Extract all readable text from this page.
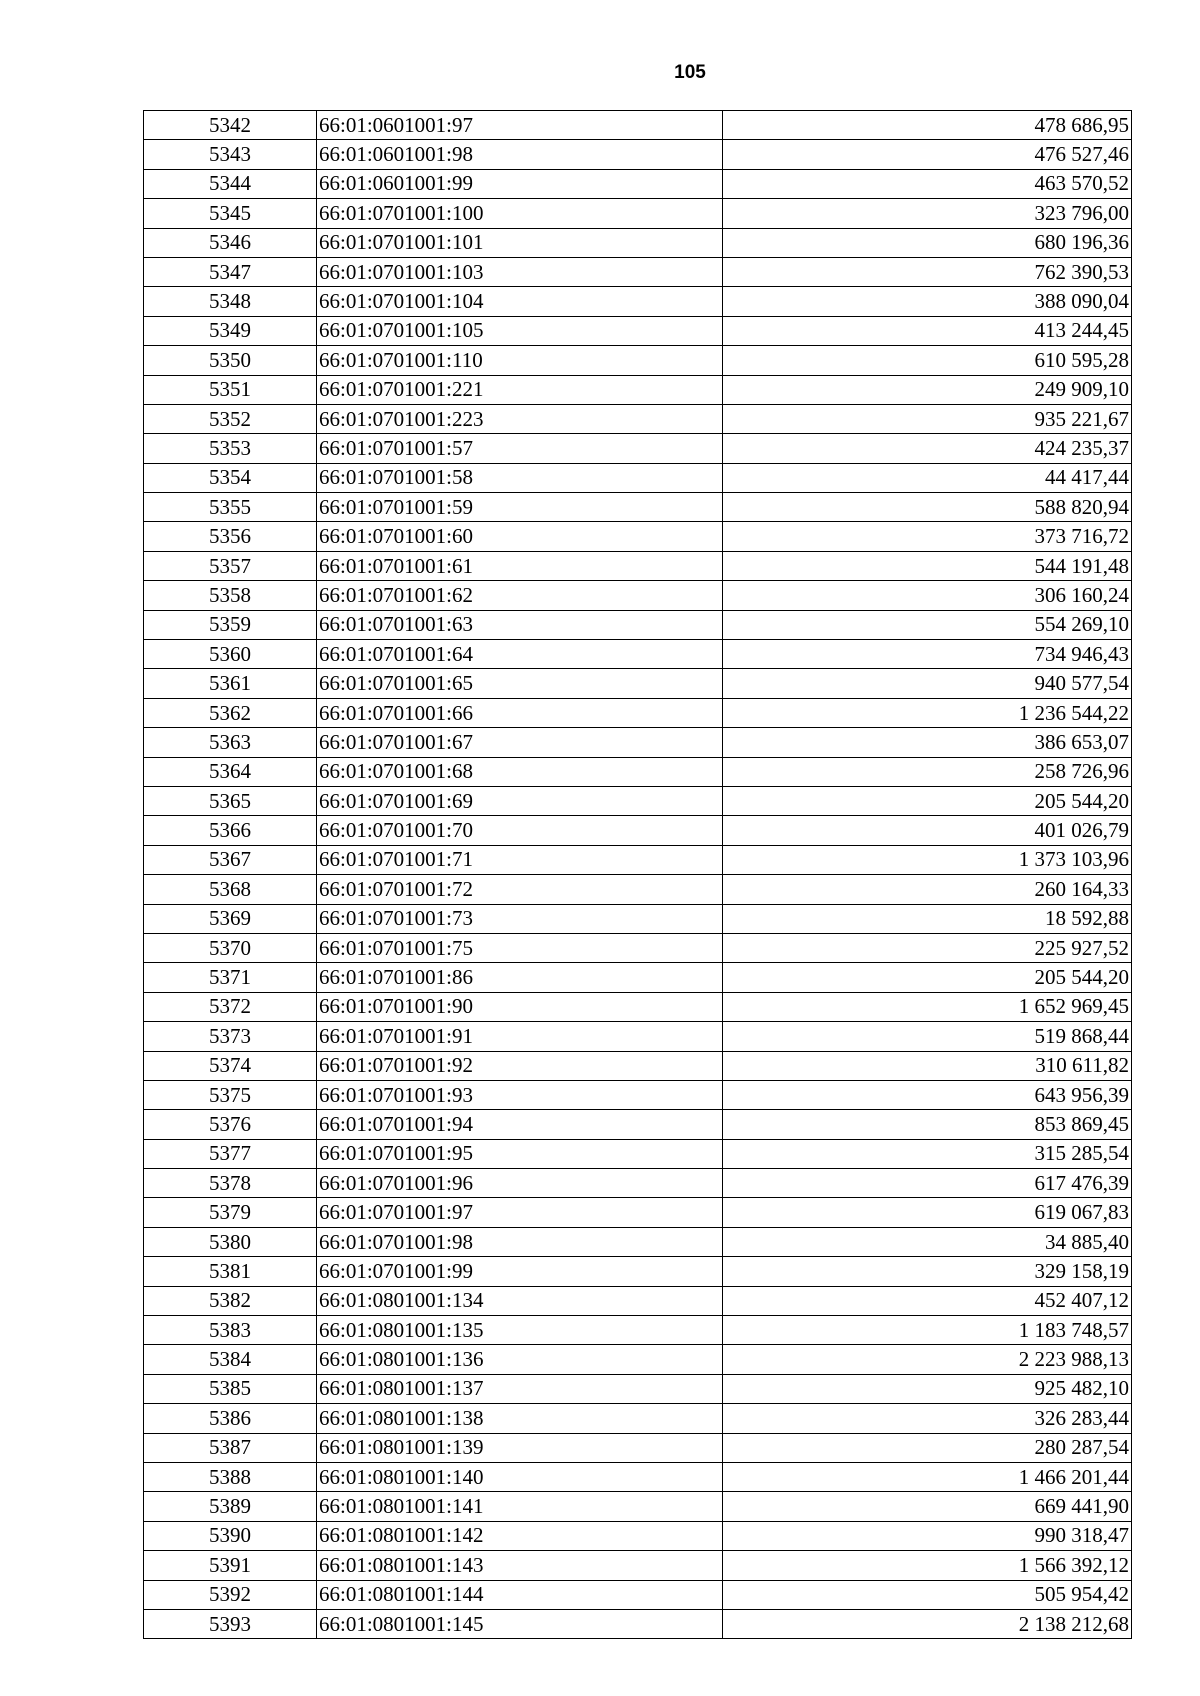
105
5342	66:01:0601001:97	478 686,95
5343	66:01:0601001:98	476 527,46
5344	66:01:0601001:99	463 570,52
5345	66:01:0701001:100	323 796,00
5346	66:01:0701001:101	680 196,36
5347	66:01:0701001:103	762 390,53
5348	66:01:0701001:104	388 090,04
5349	66:01:0701001:105	413 244,45
5350	66:01:0701001:110	610 595,28
5351	66:01:0701001:221	249 909,10
5352	66:01:0701001:223	935 221,67
5353	66:01:0701001:57	424 235,37
5354	66:01:0701001:58	44 417,44
5355	66:01:0701001:59	588 820,94
5356	66:01:0701001:60	373 716,72
5357	66:01:0701001:61	544 191,48
5358	66:01:0701001:62	306 160,24
5359	66:01:0701001:63	554 269,10
5360	66:01:0701001:64	734 946,43
5361	66:01:0701001:65	940 577,54
5362	66:01:0701001:66	1 236 544,22
5363	66:01:0701001:67	386 653,07
5364	66:01:0701001:68	258 726,96
5365	66:01:0701001:69	205 544,20
5366	66:01:0701001:70	401 026,79
5367	66:01:0701001:71	1 373 103,96
5368	66:01:0701001:72	260 164,33
5369	66:01:0701001:73	18 592,88
5370	66:01:0701001:75	225 927,52
5371	66:01:0701001:86	205 544,20
5372	66:01:0701001:90	1 652 969,45
5373	66:01:0701001:91	519 868,44
5374	66:01:0701001:92	310 611,82
5375	66:01:0701001:93	643 956,39
5376	66:01:0701001:94	853 869,45
5377	66:01:0701001:95	315 285,54
5378	66:01:0701001:96	617 476,39
5379	66:01:0701001:97	619 067,83
5380	66:01:0701001:98	34 885,40
5381	66:01:0701001:99	329 158,19
5382	66:01:0801001:134	452 407,12
5383	66:01:0801001:135	1 183 748,57
5384	66:01:0801001:136	2 223 988,13
5385	66:01:0801001:137	925 482,10
5386	66:01:0801001:138	326 283,44
5387	66:01:0801001:139	280 287,54
5388	66:01:0801001:140	1 466 201,44
5389	66:01:0801001:141	669 441,90
5390	66:01:0801001:142	990 318,47
5391	66:01:0801001:143	1 566 392,12
5392	66:01:0801001:144	505 954,42
5393	66:01:0801001:145	2 138 212,68
